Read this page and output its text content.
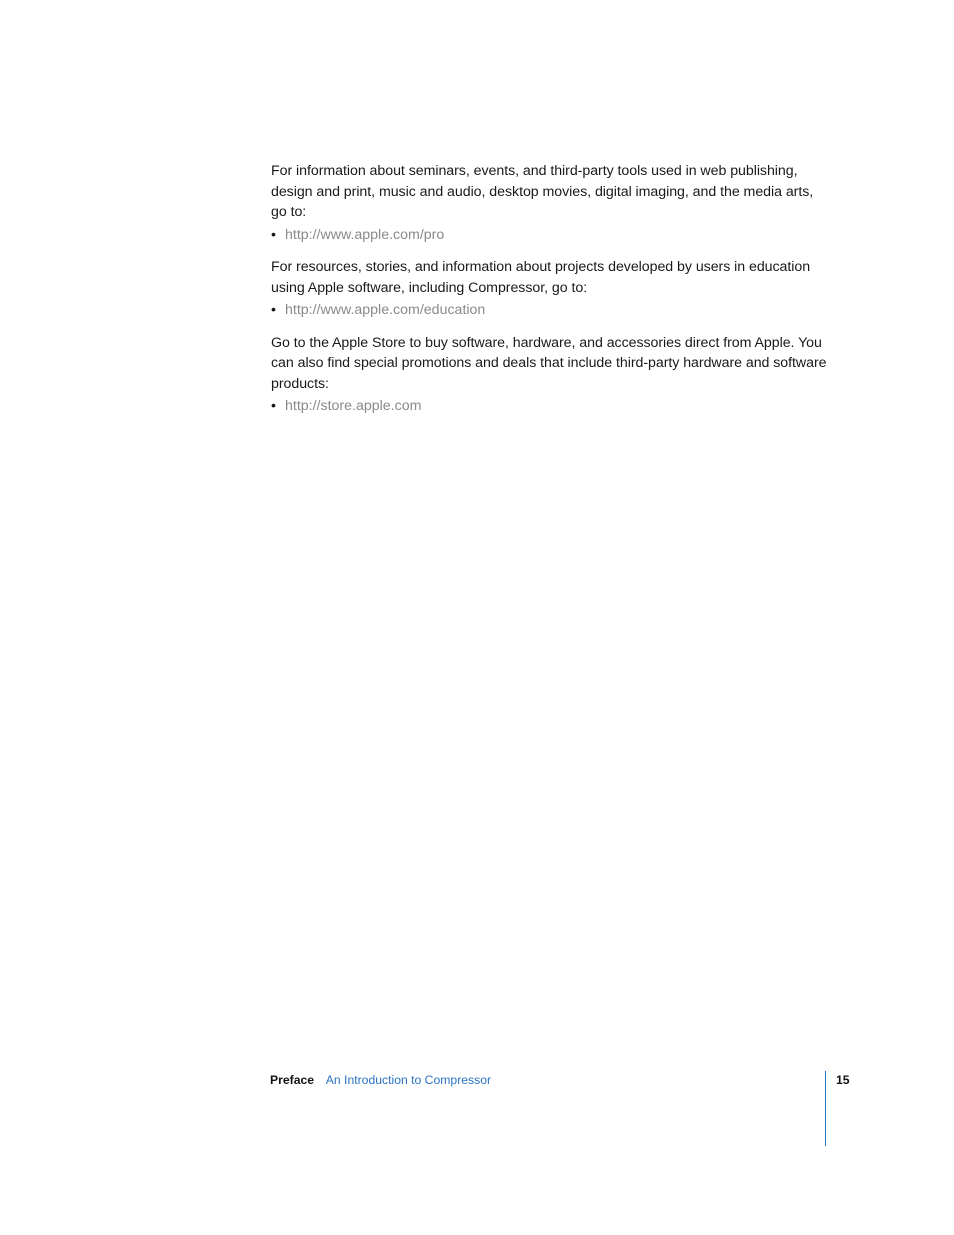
For information about seminars, events, and third-party tools used in web publishing, design and print, music and audio, desktop movies, digital imaging, and the media arts, go to:

• http://www.apple.com/pro

For resources, stories, and information about projects developed by users in education using Apple software, including Compressor, go to:

• http://www.apple.com/education

Go to the Apple Store to buy software, hardware, and accessories direct from Apple. You can also find special promotions and deals that include third-party hardware and software products:

• http://store.apple.com
Preface An Introduction to Compressor	15
